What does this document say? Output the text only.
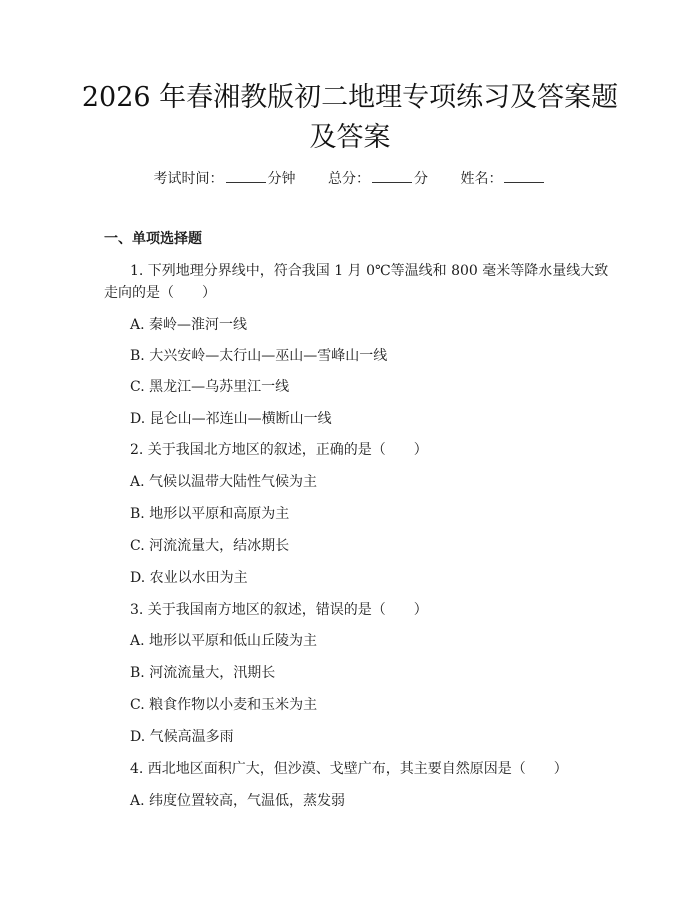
2026 年春湘教版初二地理专项练习及答案题
及答案
考试时间：	分钟 总分：	分 姓名：
一、单项选择题
1. 下列地理分界线中，符合我国 1 月 0℃等温线和 800 毫米等降水量线大致
走向的是（　　）
A. 秦岭—淮河一线
B. 大兴安岭—太行山—巫山—雪峰山一线
C. 黑龙江—乌苏里江一线
D. 昆仑山—祁连山—横断山一线
2. 关于我国北方地区的叙述，正确的是（　　）
A. 气候以温带大陆性气候为主
B. 地形以平原和高原为主
C. 河流流量大，结冰期长
D. 农业以水田为主
3. 关于我国南方地区的叙述，错误的是（　　）
A. 地形以平原和低山丘陵为主
B. 河流流量大，汛期长
C. 粮食作物以小麦和玉米为主
D. 气候高温多雨
4. 西北地区面积广大，但沙漠、戈壁广布，其主要自然原因是（　　）
A. 纬度位置较高，气温低，蒸发弱
